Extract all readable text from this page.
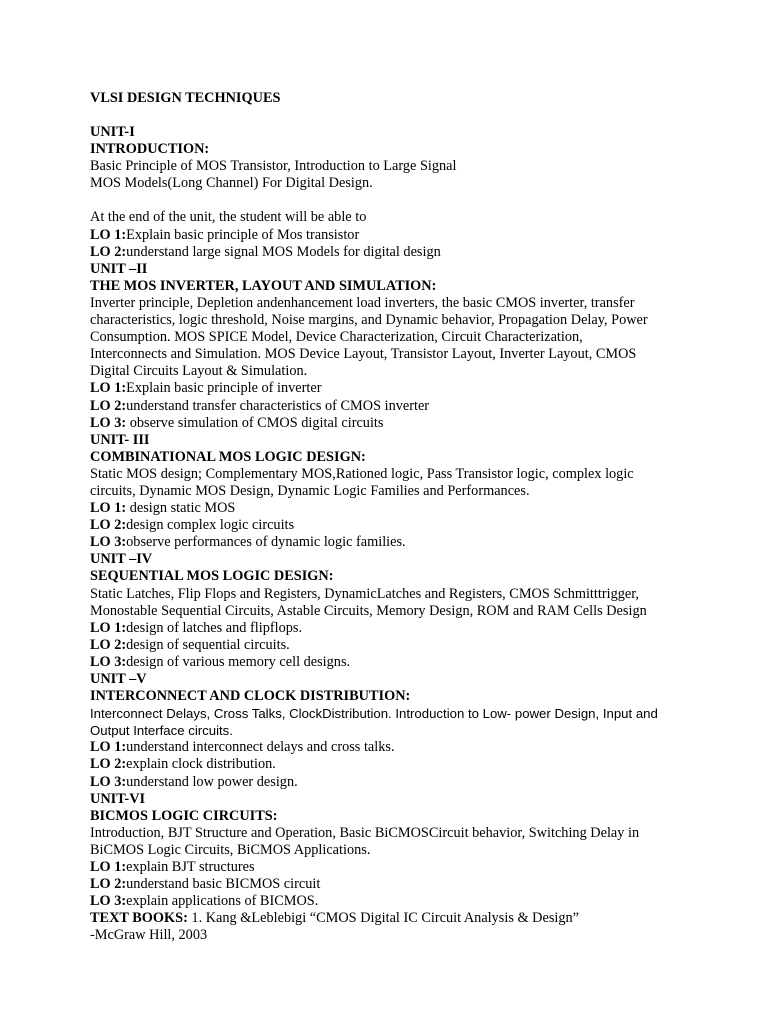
VLSI DESIGN TECHNIQUES
UNIT-I
INTRODUCTION:
Basic Principle of MOS Transistor, Introduction to Large Signal
MOS Models(Long Channel) For Digital Design.
At the end of the unit, the student will be able to
LO 1:Explain basic principle of Mos transistor
LO 2:understand large signal MOS Models for digital design
UNIT –II
THE MOS INVERTER, LAYOUT AND SIMULATION:
Inverter principle, Depletion andenhancement load inverters, the basic CMOS inverter, transfer
characteristics, logic threshold, Noise margins, and Dynamic behavior, Propagation Delay, Power
Consumption. MOS SPICE Model, Device Characterization, Circuit Characterization,
Interconnects and Simulation. MOS Device Layout, Transistor Layout, Inverter Layout, CMOS
Digital Circuits Layout & Simulation.
LO 1:Explain basic principle of inverter
LO 2:understand transfer characteristics of CMOS inverter
LO 3: observe simulation of CMOS digital circuits
UNIT- III
COMBINATIONAL MOS LOGIC DESIGN:
Static MOS design; Complementary MOS,Rationed logic, Pass Transistor logic, complex logic
circuits, Dynamic MOS Design, Dynamic Logic Families and Performances.
LO 1: design static MOS
LO 2:design complex logic circuits
LO 3:observe performances of dynamic logic families.
UNIT –IV
SEQUENTIAL MOS LOGIC DESIGN:
Static Latches, Flip Flops and Registers, DynamicLatches and Registers, CMOS Schmitttrigger,
Monostable Sequential Circuits, Astable Circuits, Memory Design, ROM and RAM Cells Design
LO 1:design of latches and flipflops.
LO 2:design of sequential circuits.
LO 3:design of various memory cell designs.
UNIT –V
INTERCONNECT AND CLOCK DISTRIBUTION:
Interconnect Delays, Cross Talks, ClockDistribution. Introduction to Low- power Design, Input and
Output Interface circuits.
LO 1:understand interconnect delays and cross talks.
LO 2:explain clock distribution.
LO 3:understand low power design.
UNIT-VI
BICMOS LOGIC CIRCUITS:
Introduction, BJT Structure and Operation, Basic BiCMOSCircuit behavior, Switching Delay in
BiCMOS Logic Circuits, BiCMOS Applications.
LO 1:explain BJT structures
LO 2:understand basic BICMOS circuit
LO 3:explain applications of BICMOS.
TEXT BOOKS: 1. Kang &Leblebigi “CMOS Digital IC Circuit Analysis & Design”
-McGraw Hill, 2003
